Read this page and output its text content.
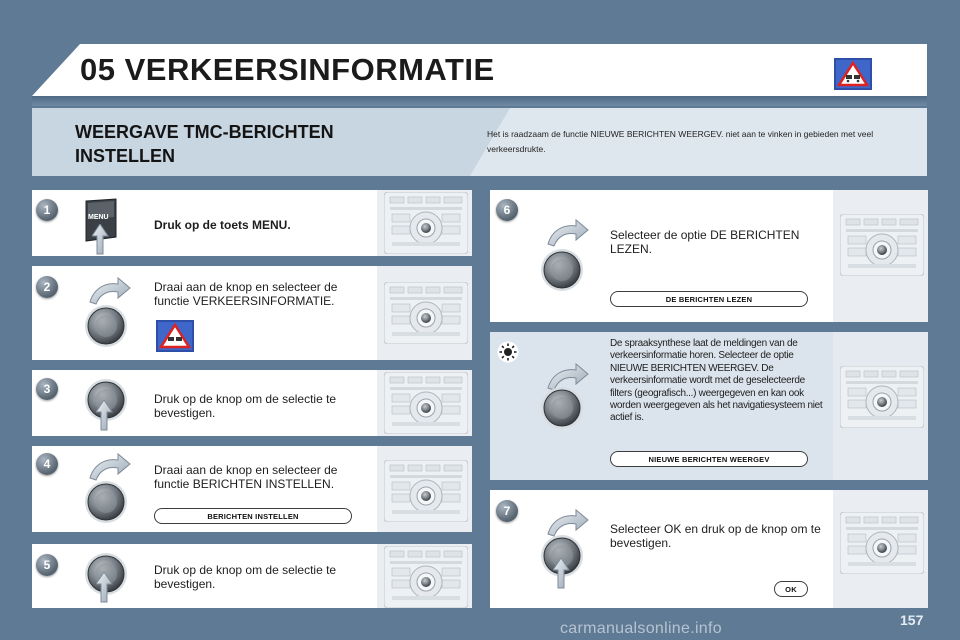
05 VERKEERSINFORMATIE
WEERGAVE TMC-BERICHTEN INSTELLEN
Het is raadzaam de functie NIEUWE BERICHTEN WEERGEV. niet aan te vinken in gebieden met veel verkeersdrukte.
1
MENU
Druk op de toets MENU.
2	Draai aan de knop en selecteer de functie VERKEERSINFORMATIE.
3
Druk op de knop om de selectie te bevestigen.
4	Draai aan de knop en selecteer de functie BERICHTEN INSTELLEN.
BERICHTEN INSTELLEN
5	Druk op de knop om de selectie te bevestigen.
6
Selecteer de optie DE BERICHTEN LEZEN.
DE BERICHTEN LEZEN
De spraaksynthese laat de meldingen van de verkeersinformatie horen. Selecteer de optie NIEUWE BERICHTEN WEERGEV. De verkeersinformatie wordt met de geselecteerde filters (geografisch...) weergegeven en kan ook worden weergegeven als het navigatiesysteem niet actief is.
NIEUWE BERICHTEN WEERGEV
7
Selecteer OK en druk op de knop om te bevestigen.
OK
carmanualsonline.info	157
